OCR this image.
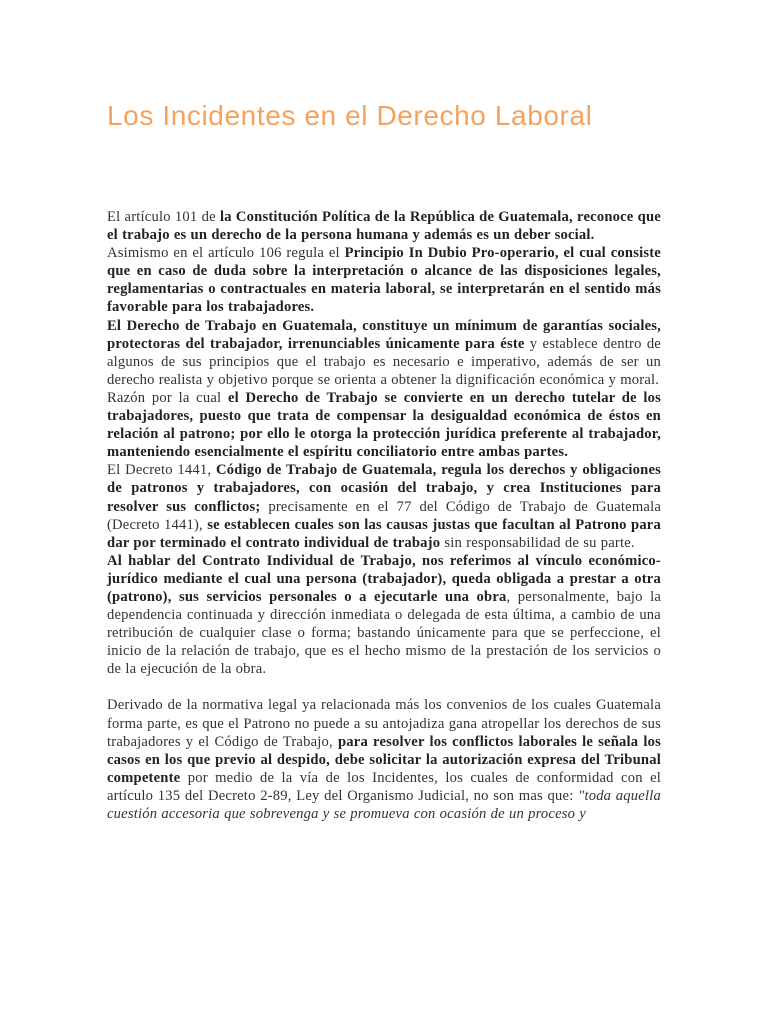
Los Incidentes en el Derecho Laboral

El artículo 101 de la Constitución Política de la República de Guatemala, reconoce que el trabajo es un derecho de la persona humana y además es un deber social.

Asimismo en el artículo 106 regula el Principio In Dubio Pro-operario, el cual consiste que en caso de duda sobre la interpretación o alcance de las disposiciones legales, reglamentarias o contractuales en materia laboral, se interpretarán en el sentido más favorable para los trabajadores.

El Derecho de Trabajo en Guatemala, constituye un mínimum de garantías sociales, protectoras del trabajador, irrenunciables únicamente para éste y establece dentro de algunos de sus principios que el trabajo es necesario e imperativo, además de ser un derecho realista y objetivo porque se orienta a obtener la dignificación económica y moral.

Razón por la cual el Derecho de Trabajo se convierte en un derecho tutelar de los trabajadores, puesto que trata de compensar la desigualdad económica de éstos en relación al patrono; por ello le otorga la protección jurídica preferente al trabajador, manteniendo esencialmente el espíritu conciliatorio entre ambas partes.

El Decreto 1441, Código de Trabajo de Guatemala, regula los derechos y obligaciones de patronos y trabajadores, con ocasión del trabajo, y crea Instituciones para resolver sus conflictos; precisamente en el 77 del Código de Trabajo de Guatemala (Decreto 1441), se establecen cuales son las causas justas que facultan al Patrono para dar por terminado el contrato individual de trabajo sin responsabilidad de su parte.

Al hablar del Contrato Individual de Trabajo, nos referimos al vínculo económico-jurídico mediante el cual una persona (trabajador), queda obligada a prestar a otra (patrono), sus servicios personales o a ejecutarle una obra, personalmente, bajo la dependencia continuada y dirección inmediata o delegada de esta última, a cambio de una retribución de cualquier clase o forma; bastando únicamente para que se perfeccione, el inicio de la relación de trabajo, que es el hecho mismo de la prestación de los servicios o de la ejecución de la obra.

Derivado de la normativa legal ya relacionada más los convenios de los cuales Guatemala forma parte, es que el Patrono no puede a su antojadiza gana atropellar los derechos de sus trabajadores y el Código de Trabajo, para resolver los conflictos laborales le señala los casos en los que previo al despido, debe solicitar la autorización expresa del Tribunal competente por medio de la vía de los Incidentes, los cuales de conformidad con el artículo 135 del Decreto 2-89, Ley del Organismo Judicial, no son mas que: "toda aquella cuestión accesoria que sobrevenga y se promueva con ocasión de un proceso y
